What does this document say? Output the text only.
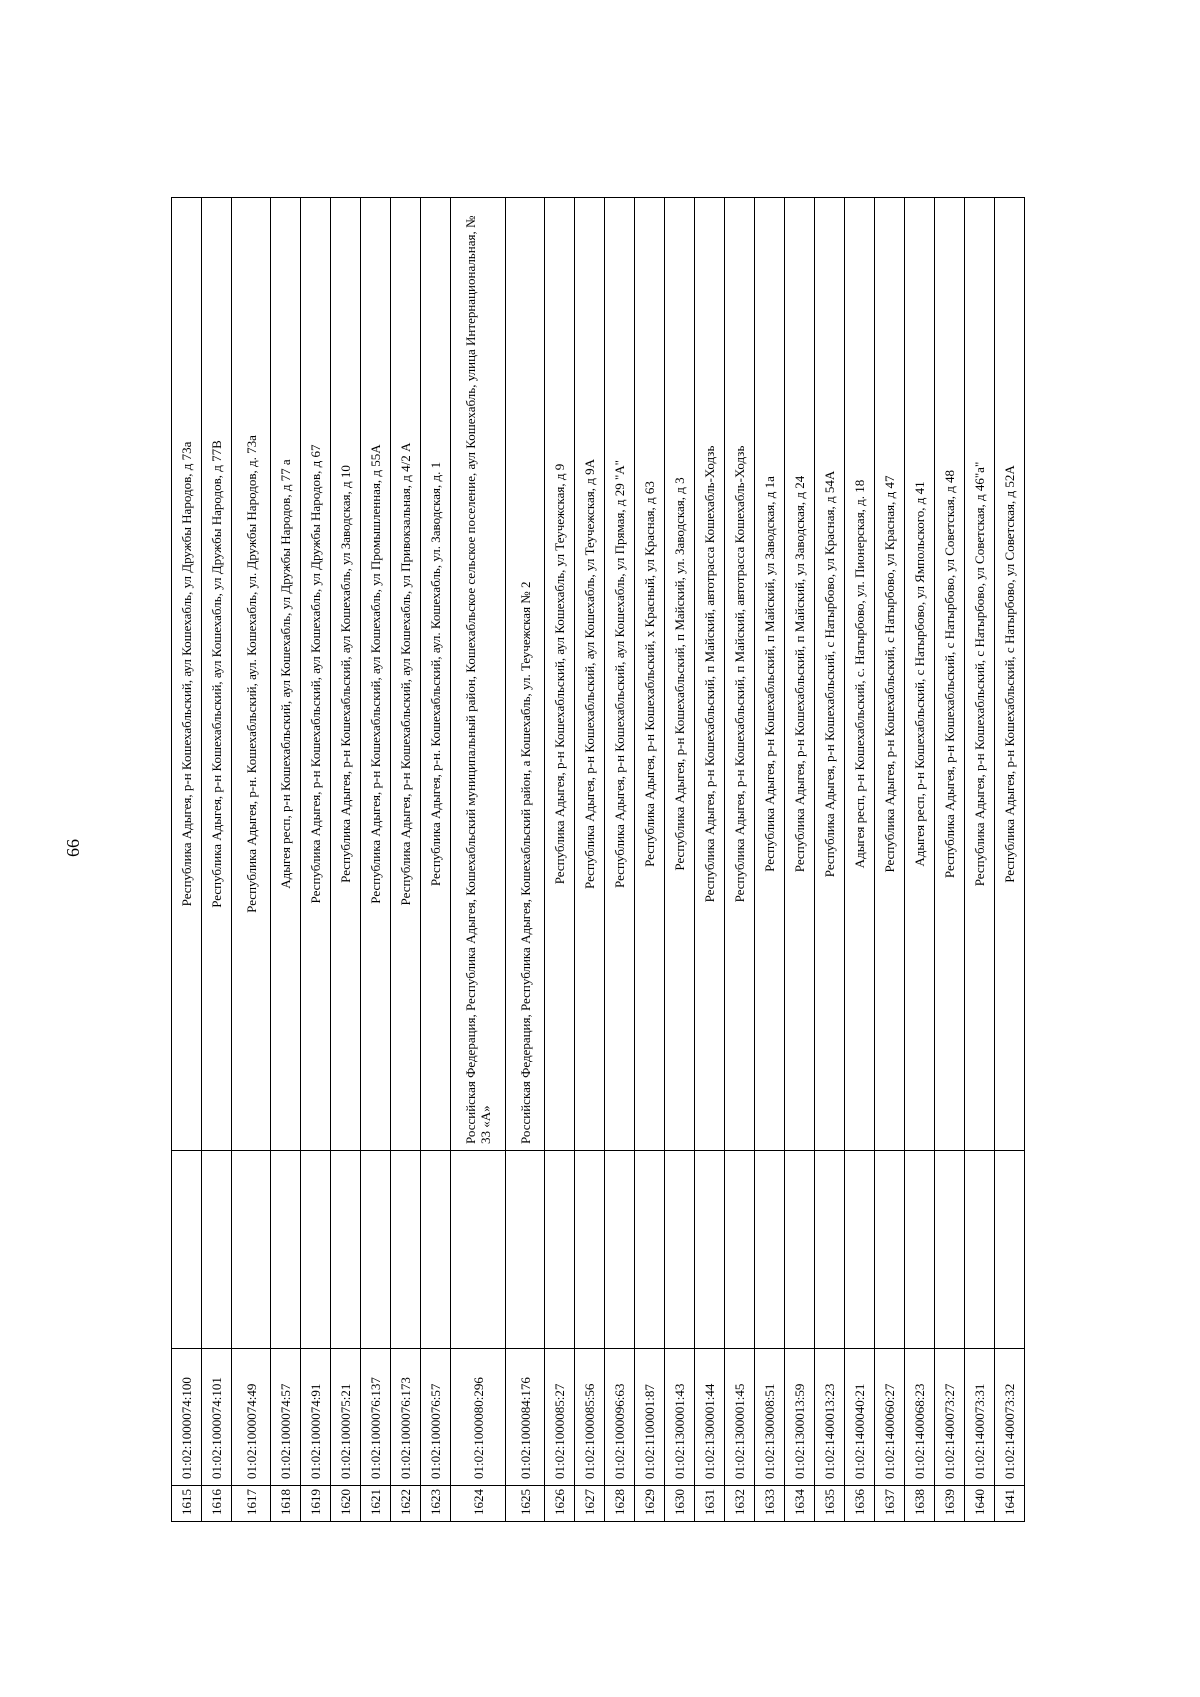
66
1615	01:02:1000074:100		Республика Адыгея, р-н Кошехабльский, аул Кошехабль, ул Дружбы Народов, д 73а
1616	01:02:1000074:101		Республика Адыгея, р-н Кошехабльский, аул Кошехабль, ул Дружбы Народов, д 77В
1617	01:02:1000074:49		Республика Адыгея, р-н. Кошехабльский, аул. Кошехабль, ул. Дружбы Народов, д. 73а
1618	01:02:1000074:57		Адыгея респ, р-н Кошехабльский, аул Кошехабль, ул Дружбы Народов, д 77 а
1619	01:02:1000074:91		Республика Адыгея, р-н Кошехабльский, аул Кошехабль, ул Дружбы Народов, д 67
1620	01:02:1000075:21		Республика Адыгея, р-н Кошехабльский, аул Кошехабль, ул Заводская, д 10
1621	01:02:1000076:137		Республика Адыгея, р-н Кошехабльский, аул Кошехабль, ул Промышленная, д 55А
1622	01:02:1000076:173		Республика Адыгея, р-н Кошехабльский, аул Кошехабль, ул Привокзальная, д 4/2 А
1623	01:02:1000076:57		Республика Адыгея, р-н. Кошехабльский, аул. Кошехабль, ул. Заводская, д. 1
1624	01:02:1000080:296		Российская Федерация, Республика Адыгея, Кошехабльский муниципальный район, Кошехабльское сельское поселение, аул Кошехабль, улица Интернациональная, № 33 «А»
1625	01:02:1000084:176		Российская Федерация, Республика Адыгея, Кошехабльский район, а Кошехабль, ул. Теучежская № 2
1626	01:02:1000085:27		Республика Адыгея, р-н Кошехабльский, аул Кошехабль, ул Теучежская, д 9
1627	01:02:1000085:56		Республика Адыгея, р-н Кошехабльский, аул Кошехабль, ул Теучежская, д 9А
1628	01:02:1000096:63		Республика Адыгея, р-н Кошехабльский, аул Кошехабль, ул Прямая, д 29 "А"
1629	01:02:1100001:87		Республика Адыгея, р-н Кошехабльский, х Красный, ул Красная, д 63
1630	01:02:1300001:43		Республика Адыгея, р-н Кошехабльский, п Майский, ул. Заводская, д 3
1631	01:02:1300001:44		Республика Адыгея, р-н Кошехабльский, п Майский, автотрасса Кошехабль-Ходзь
1632	01:02:1300001:45		Республика Адыгея, р-н Кошехабльский, п Майский, автотрасса Кошехабль-Ходзь
1633	01:02:1300008:51		Республика Адыгея, р-н Кошехабльский, п Майский, ул Заводская, д 1а
1634	01:02:1300013:59		Республика Адыгея, р-н Кошехабльский, п Майский, ул Заводская, д 24
1635	01:02:1400013:23		Республика Адыгея, р-н Кошехабльский, с Натырбово, ул Красная, д 54А
1636	01:02:1400040:21		Адыгея респ, р-н Кошехабльский, с. Натырбово, ул. Пионерская, д. 18
1637	01:02:1400060:27		Республика Адыгея, р-н Кошехабльский, с Натырбово, ул Красная, д 47
1638	01:02:1400068:23		Адыгея респ, р-н Кошехабльский, с Натырбово, ул Ямпольского, д 41
1639	01:02:1400073:27		Республика Адыгея, р-н Кошехабльский, с Натырбово, ул Советская, д 48
1640	01:02:1400073:31		Республика Адыгея, р-н Кошехабльский, с Натырбово, ул Советская, д 46"а"
1641	01:02:1400073:32		Республика Адыгея, р-н Кошехабльский, с Натырбово, ул Советская, д 52А
